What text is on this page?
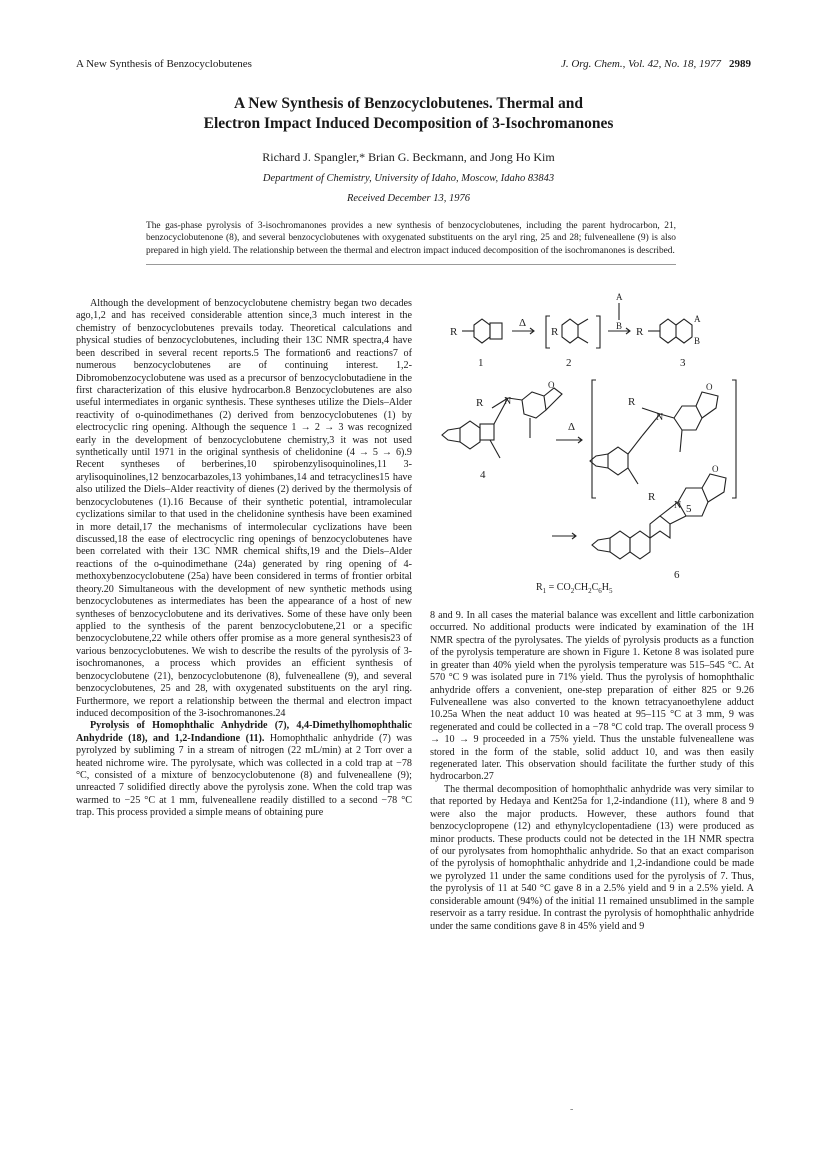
A New Synthesis of Benzocyclobutenes	J. Org. Chem., Vol. 42, No. 18, 1977 2989
A New Synthesis of Benzocyclobutenes. Thermal and
Electron Impact Induced Decomposition of 3-Isochromanones
Richard J. Spangler,* Brian G. Beckmann, and Jong Ho Kim
Department of Chemistry, University of Idaho, Moscow, Idaho 83843
Received December 13, 1976
The gas-phase pyrolysis of 3-isochromanones provides a new synthesis of benzocyclobutenes, including the parent hydrocarbon, 21, benzocyclobutenone (8), and several benzocyclobutenes with oxygenated substituents on the aryl ring, 25 and 28; fulveneallene (9) is also prepared in high yield. The relationship between the thermal and electron impact induced decomposition of the isochromanones is described.

Although the development of benzocyclobutene chemistry began two decades ago,1,2 and has received considerable attention since,3 much interest in the chemistry of benzocyclobutenes prevails today. Theoretical calculations and physical studies of benzocyclobutenes, including their 13C NMR spectra,4 have been described in several recent reports.5 The formation6 and reactions7 of numerous benzocyclobutenes are of continuing interest. 1,2-Dibromobenzocyclobutene was used as a precursor of benzocyclobutadiene in the first characterization of this elusive hydrocarbon.8 Benzocyclobutenes are also useful intermediates in organic synthesis. These syntheses utilize the Diels–Alder reactivity of o-quinodimethanes (2) derived from benzocyclobutenes (1) by electrocyclic ring opening. Although the sequence 1 → 2 → 3 was recognized early in the development of benzocyclobutene chemistry,3 it was not used synthetically until 1971 in the original synthesis of chelidonine (4 → 5 → 6).9 Recent syntheses of berberines,10 spirobenzylisoquinolines,11 3-arylisoquinolines,12 benzocarbazoles,13 yohimbanes,14 and tetracyclines15 have also utilized the Diels–Alder reactivity of dienes (2) derived by the thermolysis of benzocyclobutenes (1).16 Because of their synthetic potential, intramolecular cyclizations similar to that used in the chelidonine synthesis have been examined in more detail,17 the mechanisms of intermolecular cyclizations have been discussed,18 the ease of electrocyclic ring openings of benzocyclobutenes have been correlated with their 13C NMR chemical shifts,19 and the Diels–Alder reactions of the o-quinodimethane (24a) generated by ring opening of 4-methoxybenzocyclobutene (25a) have been considered in terms of frontier orbital theory.20 Simultaneous with the development of new synthetic methods using benzocyclobutenes as intermediates has been the appearance of a host of new syntheses of benzocyclobutene and its derivatives. Some of these have only been applied to the synthesis of the parent benzocyclobutene,21 or a specific benzocyclobutene,22 while others offer promise as a more general synthesis23 of various benzocyclobutenes. We wish to describe the results of the pyrolysis of 3-isochromanones, a process which provides an efficient synthesis of benzocyclobutene (21), benzocyclobutenone (8), fulveneallene (9), and several benzocyclobutenes, 25 and 28, with oxygenated substituents on the aryl ring. Furthermore, we report a relationship between the thermal and electron impact induced decomposition of the 3-isochromanones.24

Pyrolysis of Homophthalic Anhydride (7), 4,4-Dimethylhomophthalic Anhydride (18), and 1,2-Indandione (11). Homophthalic anhydride (7) was pyrolyzed by subliming 7 in a stream of nitrogen (22 mL/min) at 2 Torr over a heated nichrome wire. The pyrolysate, which was collected in a cold trap at −78 °C, consisted of a mixture of benzocyclobutenone (8) and fulveneallene (9); unreacted 7 solidified directly above the pyrolysis zone. When the cold trap was warmed to −25 °C at 1 mm, fulveneallene readily distilled to a second −78 °C trap. This process provided a simple means of obtaining pure

R
Δ
R
A
B R
A
B
1	2	3
R N
O
Δ
4
R
N
O
5
R
N
O
6
$R_1 = CO_2CH_2C_6H_5$

8 and 9. In all cases the material balance was excellent and little carbonization occurred. No additional products were indicated by examination of the 1H NMR spectra of the pyrolysates. The yields of pyrolysis products as a function of the pyrolysis temperature are shown in Figure 1. Ketone 8 was isolated pure in greater than 40% yield when the pyrolysis temperature was 515–545 °C. At 570 °C 9 was isolated pure in 71% yield. Thus the pyrolysis of homophthalic anhydride offers a convenient, one-step preparation of either 825 or 9.26 Fulveneallene was also converted to the known tetracyanoethylene adduct 10.25a When the neat adduct 10 was heated at 95–115 °C at 3 mm, 9 was regenerated and could be collected in a −78 °C cold trap. The overall process 9 → 10 → 9 proceeded in a 75% yield. Thus the unstable fulveneallene was stored in the form of the stable, solid adduct 10, and was then easily regenerated later. This observation should facilitate the further study of this hydrocarbon.27

The thermal decomposition of homophthalic anhydride was very similar to that reported by Hedaya and Kent25a for 1,2-indandione (11), where 8 and 9 were also the major products. However, these authors found that benzocyclopropene (12) and ethynylcyclopentadiene (13) were produced as minor products. These products could not be detected in the 1H NMR spectra of our pyrolysates from homophthalic anhydride. So that an exact comparison of the pyrolysis of homophthalic anhydride and 1,2-indandione could be made we pyrolyzed 11 under the same conditions used for the pyrolysis of 7. Thus, the pyrolysis of 11 at 540 °C gave 8 in a 2.5% yield and 9 in a 2.5% yield. A considerable amount (94%) of the initial 11 remained unsublimed in the sample reservoir as a tarry residue. In contrast the pyrolysis of homophthalic anhydride under the same conditions gave 8 in 45% yield and 9

-
